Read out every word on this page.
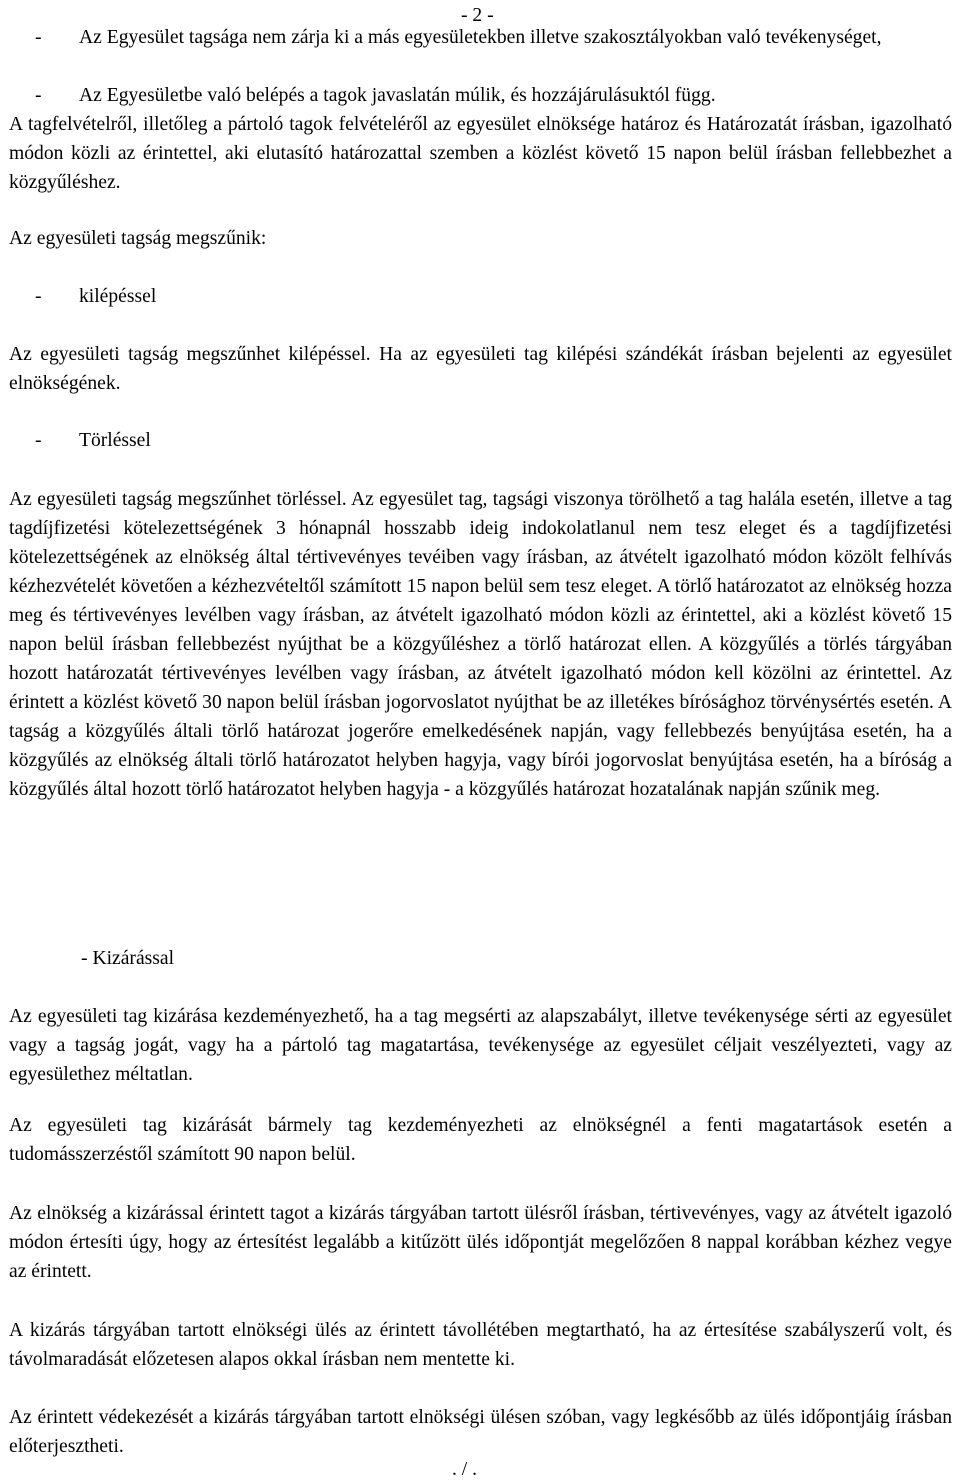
- 2 -
- Az Egyesület tagsága nem zárja ki a más egyesületekben illetve szakosztályokban való tevékenységet,
- Az Egyesületbe való belépés a tagok javaslatán múlik, és hozzájárulásuktól függ.

A tagfelvételről, illetőleg a pártoló tagok felvételéről az egyesület elnöksége határoz és Határozatát írásban, igazolható módon közli az érintettel, aki elutasító határozattal szemben a közlést követő 15 napon belül írásban fellebbezhet a közgyűléshez.

Az egyesületi tagság megszűnik:

- kilépéssel

Az egyesületi tagság megszűnhet kilépéssel. Ha az egyesületi tag kilépési szándékát írásban bejelenti az egyesület elnökségének.

- Törléssel

Az egyesületi tagság megszűnhet törléssel. Az egyesület tag, tagsági viszonya törölhető a tag halála esetén, illetve a tag tagdíjfizetési kötelezettségének 3 hónapnál hosszabb ideig indokolatlanul nem tesz eleget és a tagdíjfizetési kötelezettségének az elnökség által tértivevényes tevéiben vagy írásban, az átvételt igazolható módon közölt felhívás kézhezvételét követően a kézhezvételtől számított 15 napon belül sem tesz eleget. A törlő határozatot az elnökség hozza meg és tértivevényes levélben vagy írásban, az átvételt igazolható módon közli az érintettel, aki a közlést követő 15 napon belül írásban fellebbezést nyújthat be a közgyűléshez a törlő határozat ellen. A közgyűlés a törlés tárgyában hozott határozatát tértivevényes levélben vagy írásban, az átvételt igazolható módon kell közölni az érintettel. Az érintett a közlést követő 30 napon belül írásban jogorvoslatot nyújthat be az illetékes bírósághoz törvénysértés esetén. A tagság a közgyűlés általi törlő határozat jogerőre emelkedésének napján, vagy fellebbezés benyújtása esetén, ha a közgyűlés az elnökség általi törlő határozatot helyben hagyja, vagy bírói jogorvoslat benyújtása esetén, ha a bíróság a közgyűlés által hozott törlő határozatot helyben hagyja - a közgyűlés határozat hozatalának napján szűnik meg.

- Kizárással

Az egyesületi tag kizárása kezdeményezhető, ha a tag megsérti az alapszabályt, illetve tevékenysége sérti az egyesület vagy a tagság jogát, vagy ha a pártoló tag magatartása, tevékenysége az egyesület céljait veszélyezteti, vagy az egyesülethez méltatlan.

Az egyesületi tag kizárását bármely tag kezdeményezheti az elnökségnél a fenti magatartások esetén a tudomásszerzéstől számított 90 napon belül.

Az elnökség a kizárással érintett tagot a kizárás tárgyában tartott ülésről írásban, tértivevényes, vagy az átvételt igazoló módon értesíti úgy, hogy az értesítést legalább a kitűzött ülés időpontját megelőzően 8 nappal korábban kézhez vegye az érintett.

A kizárás tárgyában tartott elnökségi ülés az érintett távollétében megtartható, ha az értesítése szabályszerű volt, és távolmaradását előzetesen alapos okkal írásban nem mentette ki.

Az érintett védekezését a kizárás tárgyában tartott elnökségi ülésen szóban, vagy legkésőbb az ülés időpontjáig írásban előterjesztheti.

. / .
